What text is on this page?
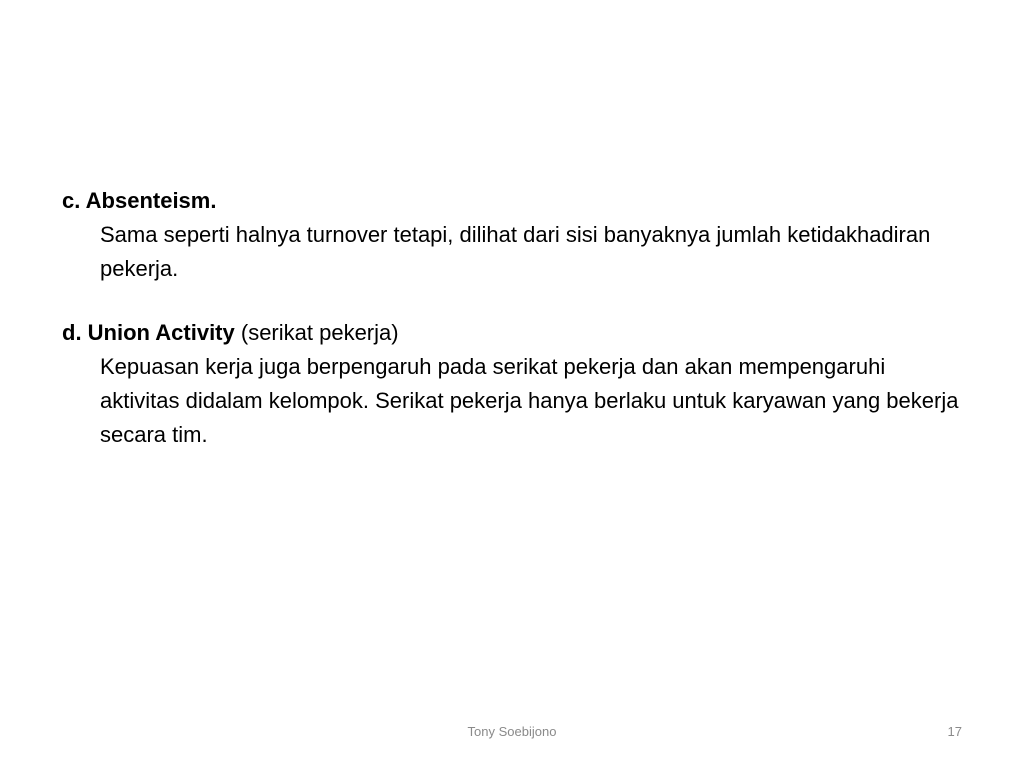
c. Absenteism.

Sama seperti halnya turnover tetapi, dilihat dari sisi banyaknya jumlah ketidakhadiran pekerja.

d. Union Activity (serikat pekerja)

Kepuasan kerja juga berpengaruh pada serikat pekerja dan akan mempengaruhi aktivitas didalam kelompok. Serikat pekerja hanya berlaku untuk karyawan yang bekerja secara tim.

Tony Soebijono	17
